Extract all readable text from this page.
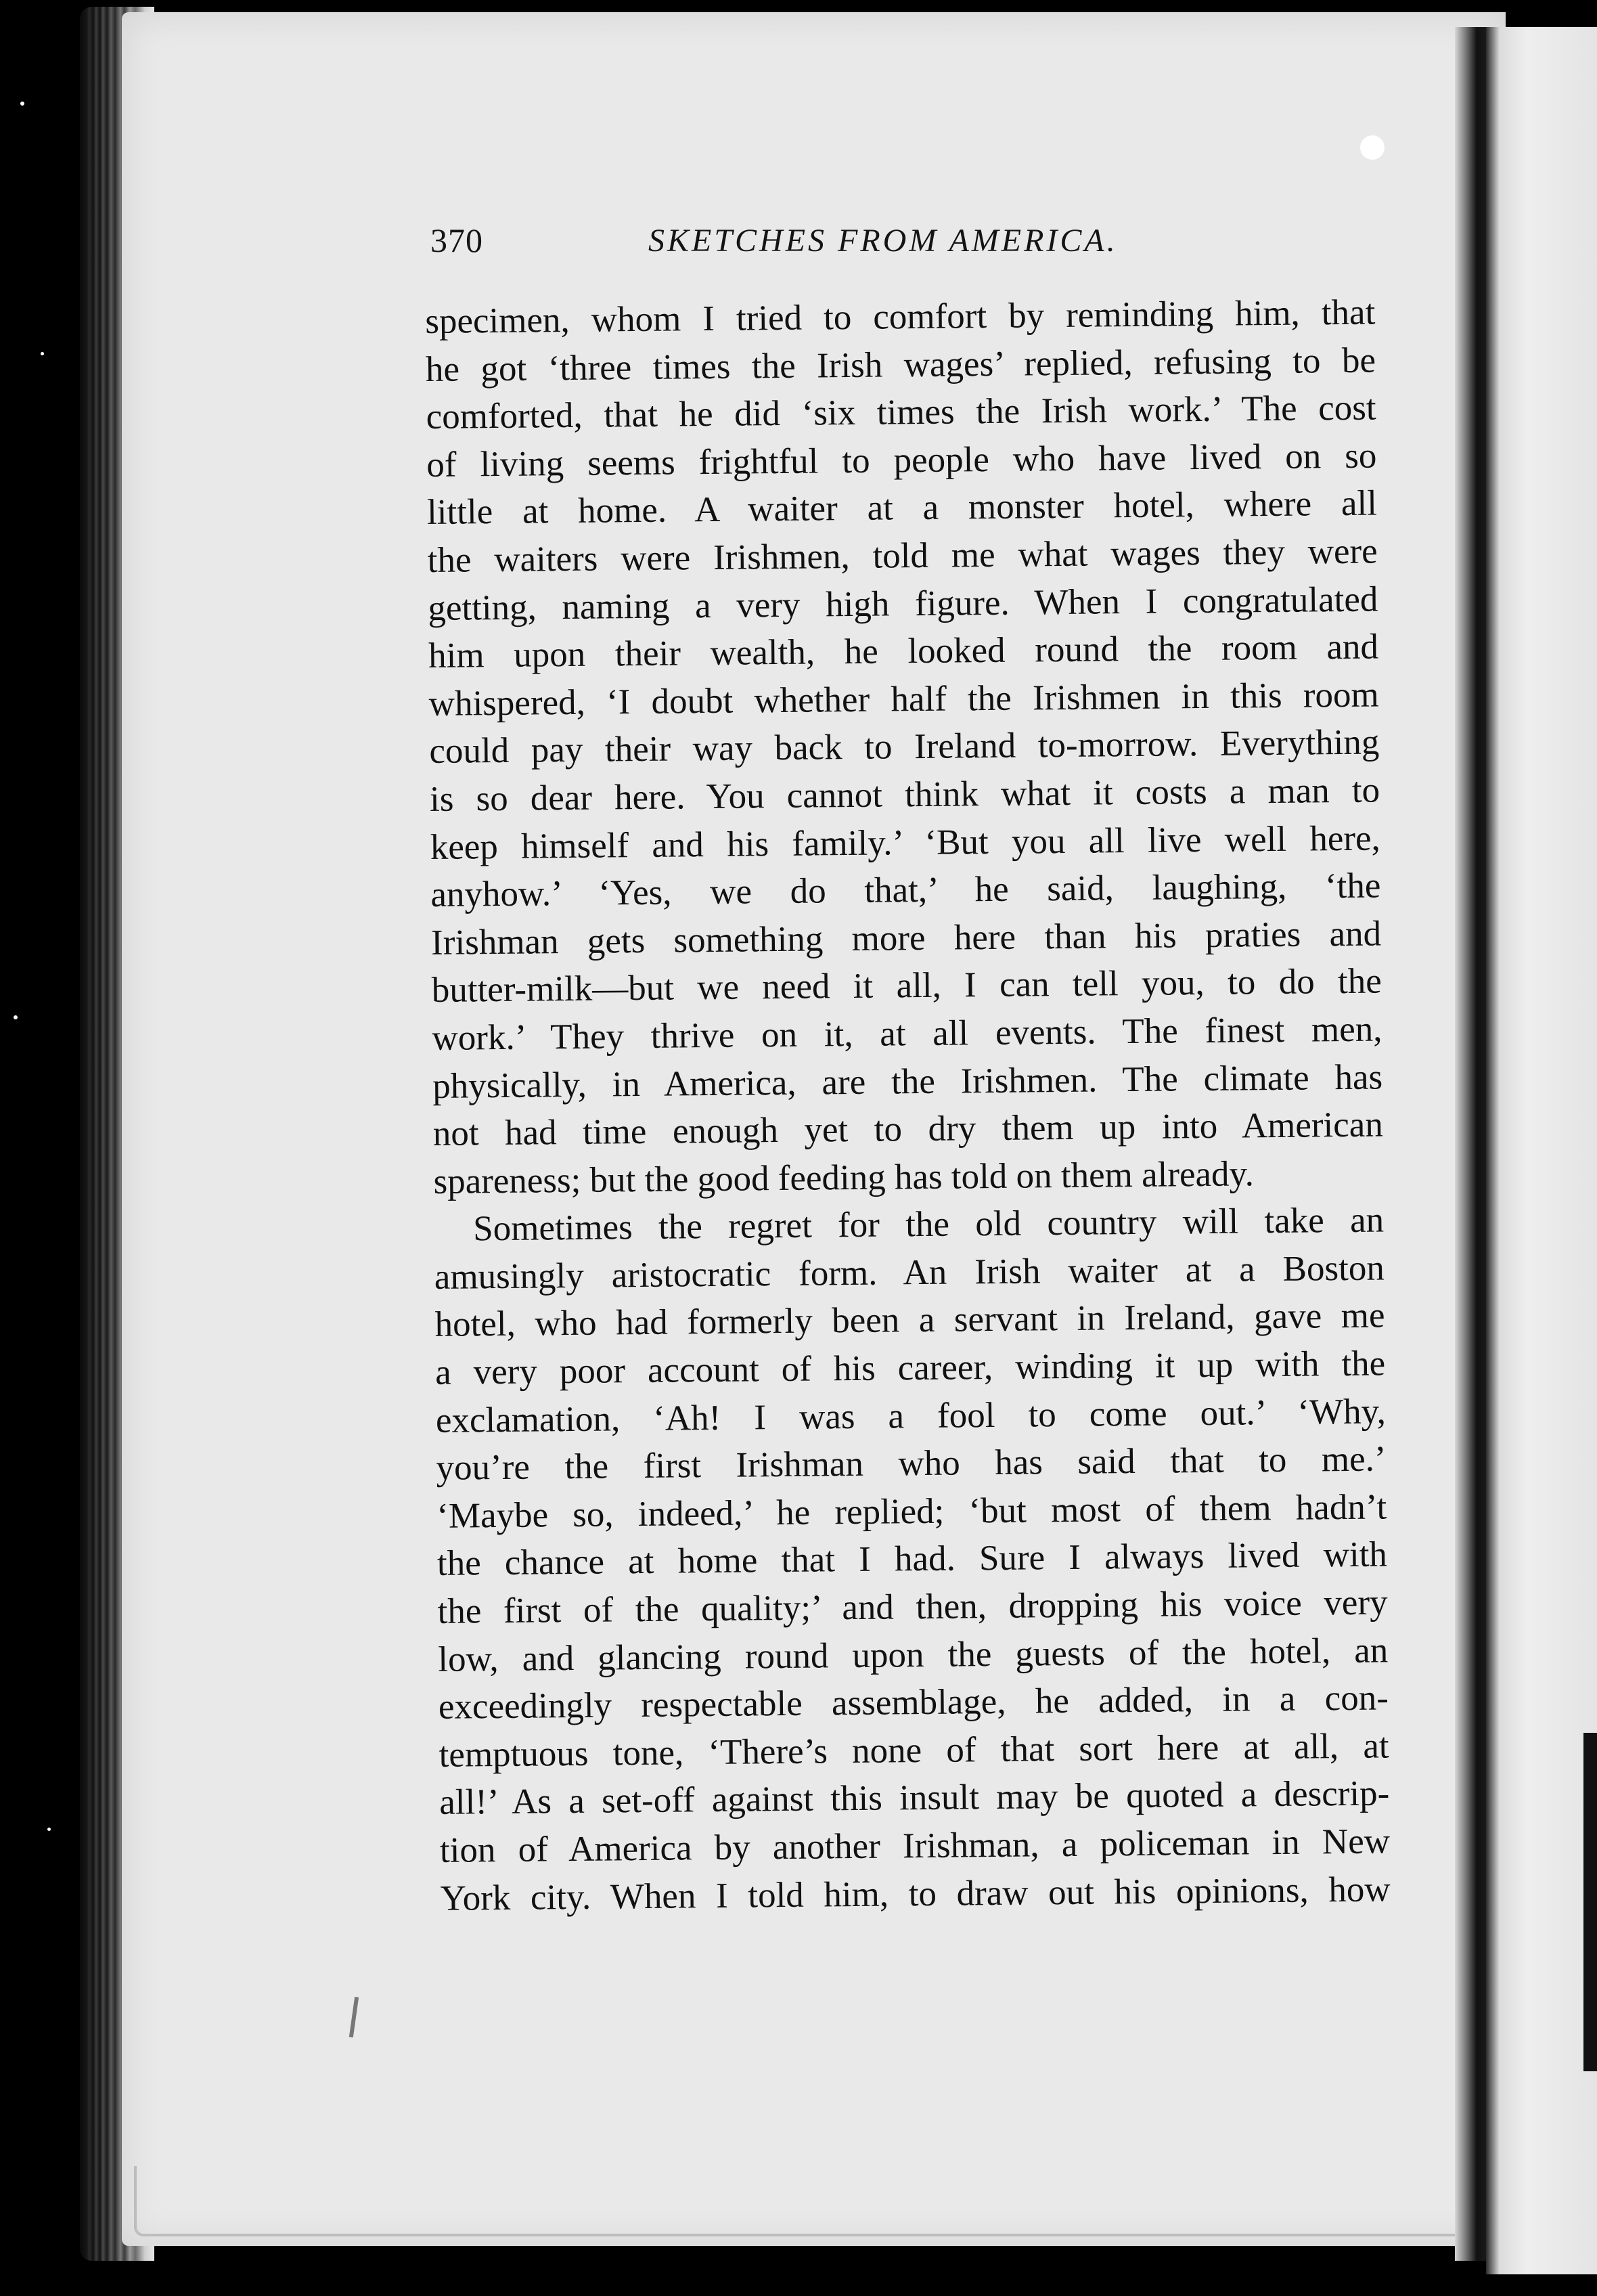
370	SKETCHES FROM AMERICA.
specimen, whom I tried to comfort by reminding him, that
he got ‘three times the Irish wages’ replied, refusing to be
comforted, that he did ‘six times the Irish work.’ The cost
of living seems frightful to people who have lived on so
little at home. A waiter at a monster hotel, where all
the waiters were Irishmen, told me what wages they were
getting, naming a very high figure. When I congratulated
him upon their wealth, he looked round the room and
whispered, ‘I doubt whether half the Irishmen in this room
could pay their way back to Ireland to-morrow. Everything
is so dear here. You cannot think what it costs a man to
keep himself and his family.’ ‘But you all live well here,
anyhow.’ ‘Yes, we do that,’ he said, laughing, ‘the
Irishman gets something more here than his praties and
butter-milk—but we need it all, I can tell you, to do the
work.’ They thrive on it, at all events. The finest men,
physically, in America, are the Irishmen. The climate has
not had time enough yet to dry them up into American
spareness; but the good feeding has told on them already.
Sometimes the regret for the old country will take an
amusingly aristocratic form. An Irish waiter at a Boston
hotel, who had formerly been a servant in Ireland, gave me
a very poor account of his career, winding it up with the
exclamation, ‘Ah! I was a fool to come out.’ ‘Why,
you’re the first Irishman who has said that to me.’
‘Maybe so, indeed,’ he replied; ‘but most of them hadn’t
the chance at home that I had. Sure I always lived with
the first of the quality;’ and then, dropping his voice very
low, and glancing round upon the guests of the hotel, an
exceedingly respectable assemblage, he added, in a con-
temptuous tone, ‘There’s none of that sort here at all, at
all!’ As a set-off against this insult may be quoted a descrip-
tion of America by another Irishman, a policeman in New
York city. When I told him, to draw out his opinions, how
